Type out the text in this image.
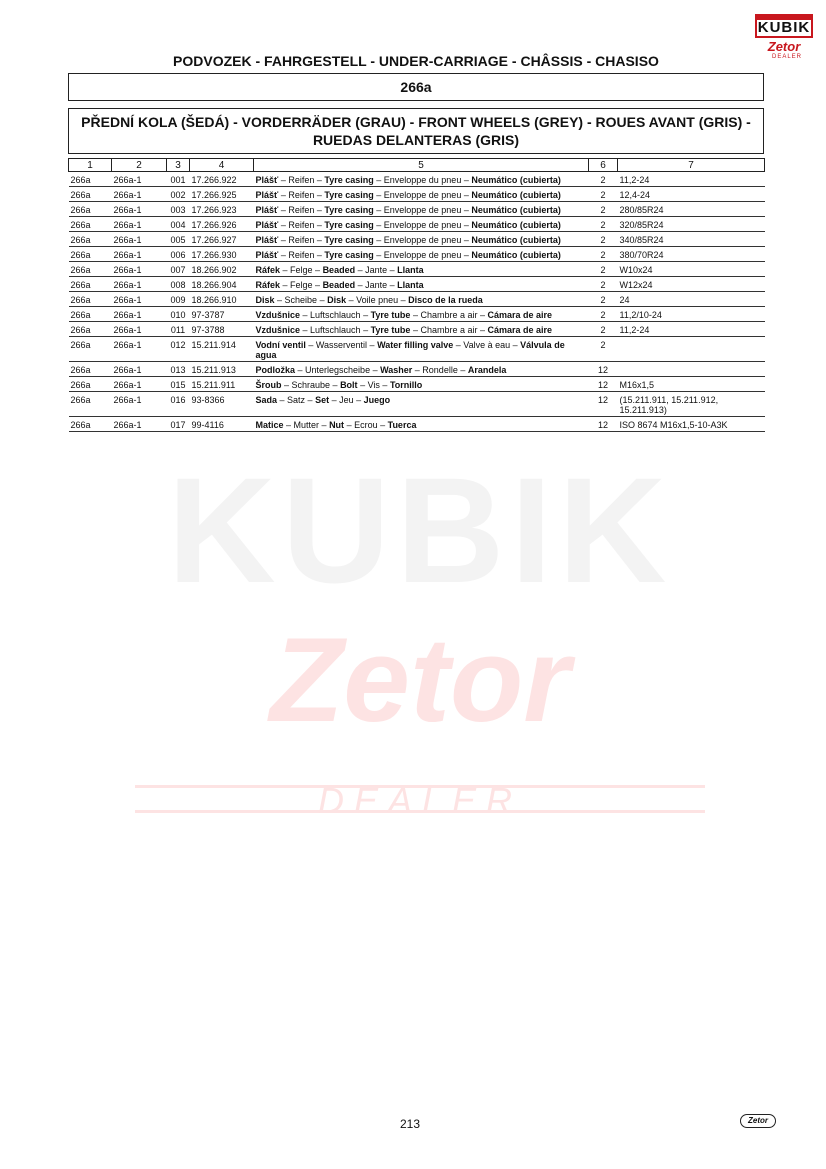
KUBIK
Zetor
DEALER
KUBIK
Zetor
DEALER
PODVOZEK - FAHRGESTELL - UNDER-CARRIAGE - CHÂSSIS - CHASISO
266a
PŘEDNÍ KOLA (ŠEDÁ) - VORDERRÄDER (GRAU) - FRONT WHEELS (GREY) - ROUES AVANT (GRIS) -
RUEDAS DELANTERAS (GRIS)
1	2	3	4	5	6	7
266a	266a-1	001	17.266.922	Plášť – Reifen – Tyre casing – Enveloppe du pneu – Neumático (cubierta)	2	11,2-24
266a	266a-1	002	17.266.925	Plášť – Reifen – Tyre casing – Enveloppe de pneu – Neumático (cubierta)	2	12,4-24
266a	266a-1	003	17.266.923	Plášť – Reifen – Tyre casing – Enveloppe de pneu – Neumático (cubierta)	2	280/85R24
266a	266a-1	004	17.266.926	Plášť – Reifen – Tyre casing – Enveloppe de pneu – Neumático (cubierta)	2	320/85R24
266a	266a-1	005	17.266.927	Plášť – Reifen – Tyre casing – Enveloppe de pneu – Neumático (cubierta)	2	340/85R24
266a	266a-1	006	17.266.930	Plášť – Reifen – Tyre casing – Enveloppe de pneu – Neumático (cubierta)	2	380/70R24
266a	266a-1	007	18.266.902	Ráfek – Felge – Beaded – Jante – Llanta	2	W10x24
266a	266a-1	008	18.266.904	Ráfek – Felge – Beaded – Jante – Llanta	2	W12x24
266a	266a-1	009	18.266.910	Disk – Scheibe – Disk – Voile pneu – Disco de la rueda	2	24
266a	266a-1	010	97-3787	Vzdušnice – Luftschlauch – Tyre tube – Chambre a air – Cámara de aire	2	11,2/10-24
266a	266a-1	011	97-3788	Vzdušnice – Luftschlauch – Tyre tube – Chambre a air – Cámara de aire	2	11,2-24
266a	266a-1	012	15.211.914	Vodní ventil – Wasserventil – Water filling valve – Valve à eau – Válvula de agua	2	
266a	266a-1	013	15.211.913	Podložka – Unterlegscheibe – Washer – Rondelle – Arandela	12	
266a	266a-1	015	15.211.911	Šroub – Schraube – Bolt – Vis – Tornillo	12	M16x1,5
266a	266a-1	016	93-8366	Sada – Satz – Set – Jeu – Juego	12	(15.211.911, 15.211.912, 15.211.913)
266a	266a-1	017	99-4116	Matice – Mutter – Nut – Ecrou – Tuerca	12	ISO 8674 M16x1,5-10-A3K
213	Zetor
